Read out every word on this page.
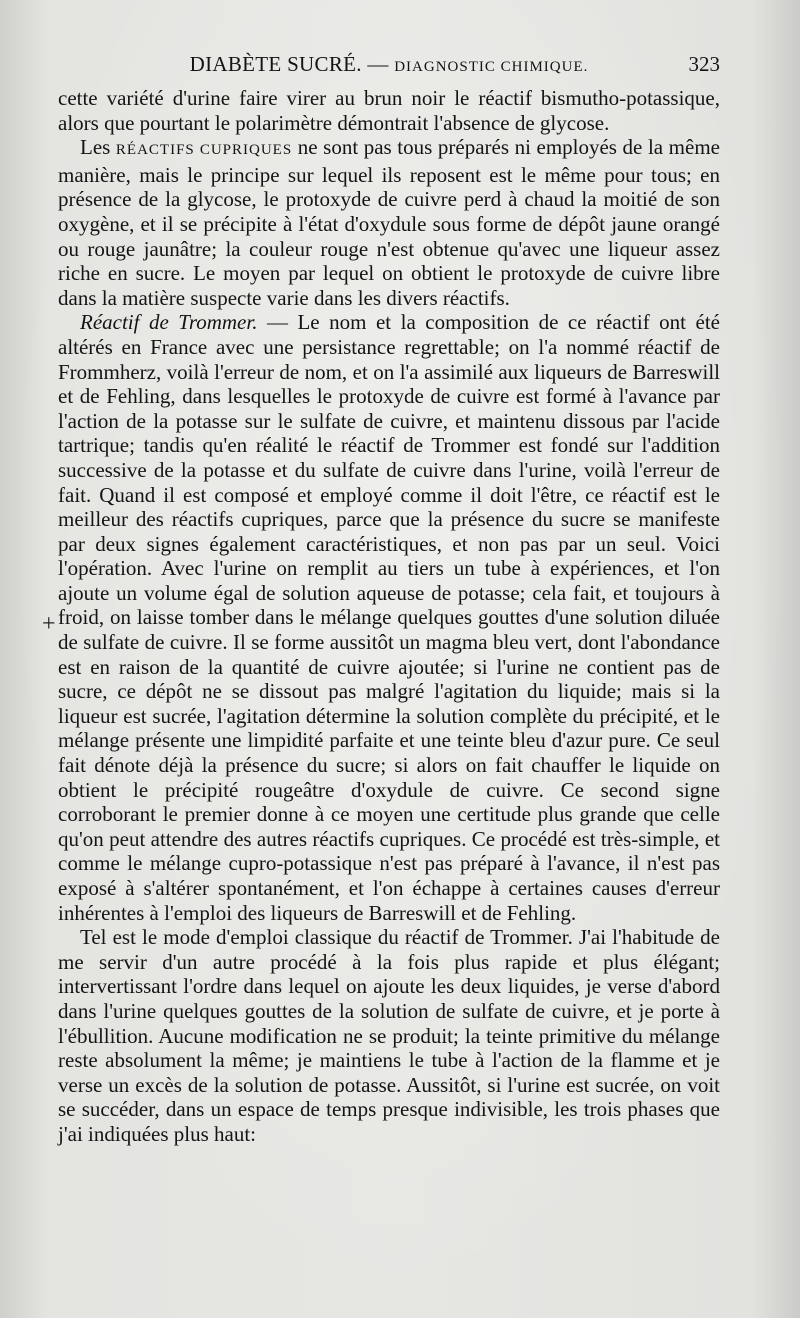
DIABÈTE SUCRÉ. — DIAGNOSTIC CHIMIQUE.	323
+

cette variété d'urine faire virer au brun noir le réactif bismutho-potassique, alors que pourtant le polarimètre démontrait l'absence de glycose.

Les RÉACTIFS CUPRIQUES ne sont pas tous préparés ni employés de la même manière, mais le principe sur lequel ils reposent est le même pour tous; en présence de la glycose, le protoxyde de cuivre perd à chaud la moitié de son oxygène, et il se précipite à l'état d'oxydule sous forme de dépôt jaune orangé ou rouge jaunâtre; la couleur rouge n'est obtenue qu'avec une liqueur assez riche en sucre. Le moyen par lequel on obtient le protoxyde de cuivre libre dans la matière suspecte varie dans les divers réactifs.

Réactif de Trommer. — Le nom et la composition de ce réactif ont été altérés en France avec une persistance regrettable; on l'a nommé réactif de Frommherz, voilà l'erreur de nom, et on l'a assimilé aux liqueurs de Barreswill et de Fehling, dans lesquelles le protoxyde de cuivre est formé à l'avance par l'action de la potasse sur le sulfate de cuivre, et maintenu dissous par l'acide tartrique; tandis qu'en réalité le réactif de Trommer est fondé sur l'addition successive de la potasse et du sulfate de cuivre dans l'urine, voilà l'erreur de fait. Quand il est composé et employé comme il doit l'être, ce réactif est le meilleur des réactifs cupriques, parce que la présence du sucre se manifeste par deux signes également caractéristiques, et non pas par un seul. Voici l'opération. Avec l'urine on remplit au tiers un tube à expériences, et l'on ajoute un volume égal de solution aqueuse de potasse; cela fait, et toujours à froid, on laisse tomber dans le mélange quelques gouttes d'une solution diluée de sulfate de cuivre. Il se forme aussitôt un magma bleu vert, dont l'abondance est en raison de la quantité de cuivre ajoutée; si l'urine ne contient pas de sucre, ce dépôt ne se dissout pas malgré l'agitation du liquide; mais si la liqueur est sucrée, l'agitation détermine la solution complète du précipité, et le mélange présente une limpidité parfaite et une teinte bleu d'azur pure. Ce seul fait dénote déjà la présence du sucre; si alors on fait chauffer le liquide on obtient le précipité rougeâtre d'oxydule de cuivre. Ce second signe corroborant le premier donne à ce moyen une certitude plus grande que celle qu'on peut attendre des autres réactifs cupriques. Ce procédé est très-simple, et comme le mélange cupro-potassique n'est pas préparé à l'avance, il n'est pas exposé à s'altérer spontanément, et l'on échappe à certaines causes d'erreur inhérentes à l'emploi des liqueurs de Barreswill et de Fehling.

Tel est le mode d'emploi classique du réactif de Trommer. J'ai l'habitude de me servir d'un autre procédé à la fois plus rapide et plus élégant; intervertissant l'ordre dans lequel on ajoute les deux liquides, je verse d'abord dans l'urine quelques gouttes de la solution de sulfate de cuivre, et je porte à l'ébullition. Aucune modification ne se produit; la teinte primitive du mélange reste absolument la même; je maintiens le tube à l'action de la flamme et je verse un excès de la solution de potasse. Aussitôt, si l'urine est sucrée, on voit se succéder, dans un espace de temps presque indivisible, les trois phases que j'ai indiquées plus haut:
